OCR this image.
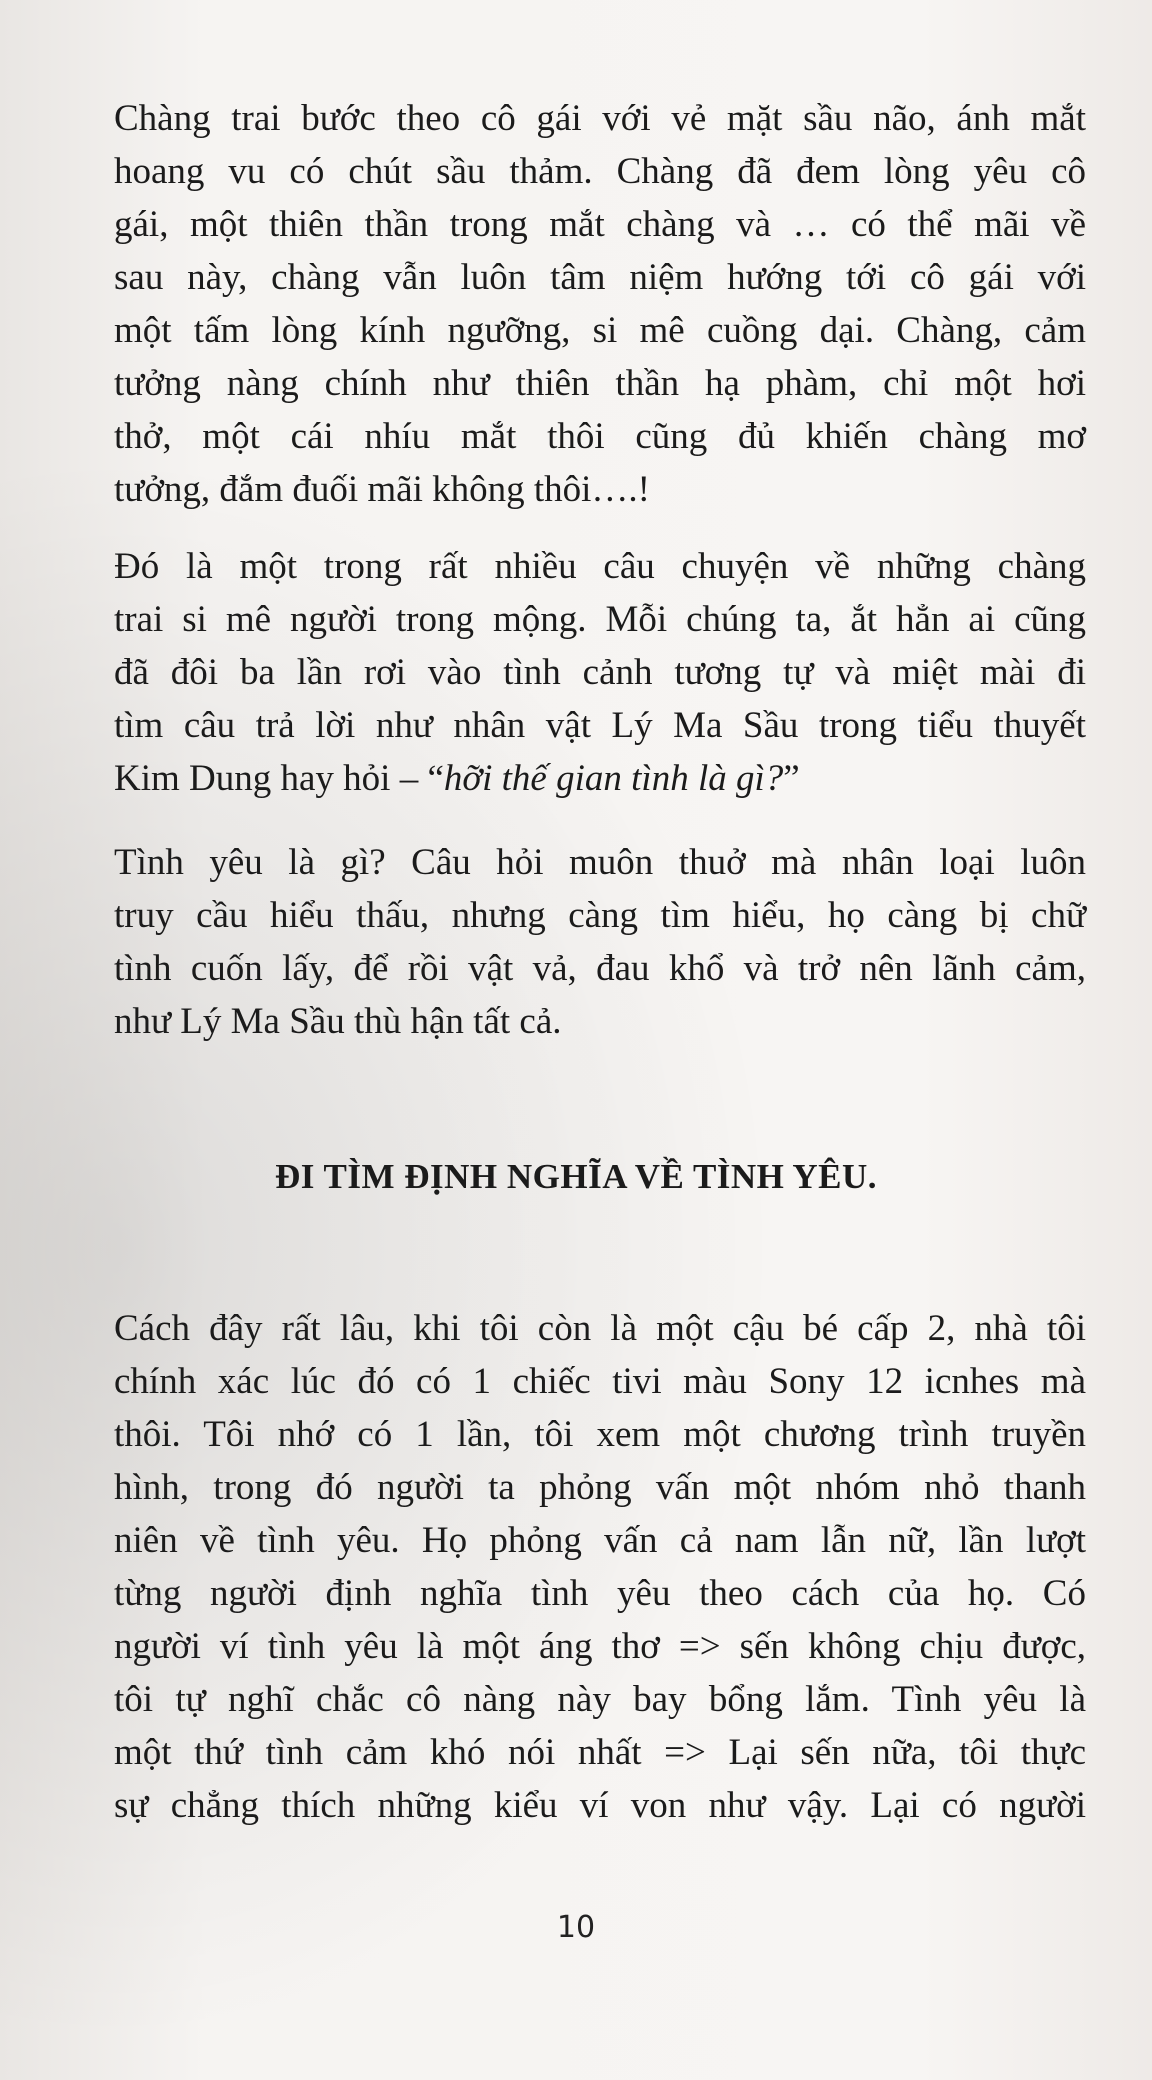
Chàng trai bước theo cô gái với vẻ mặt sầu não, ánh mắt
hoang vu có chút sầu thảm. Chàng đã đem lòng yêu cô
gái, một thiên thần trong mắt chàng và … có thể mãi về
sau này, chàng vẫn luôn tâm niệm hướng tới cô gái với
một tấm lòng kính ngưỡng, si mê cuồng dại. Chàng, cảm
tưởng nàng chính như thiên thần hạ phàm, chỉ một hơi
thở, một cái nhíu mắt thôi cũng đủ khiến chàng mơ
tưởng, đắm đuối mãi không thôi….!

Đó là một trong rất nhiều câu chuyện về những chàng
trai si mê người trong mộng. Mỗi chúng ta, ắt hẳn ai cũng
đã đôi ba lần rơi vào tình cảnh tương tự và miệt mài đi
tìm câu trả lời như nhân vật Lý Ma Sầu trong tiểu thuyết
Kim Dung hay hỏi – “hỡi thế gian tình là gì?”

Tình yêu là gì? Câu hỏi muôn thuở mà nhân loại luôn
truy cầu hiểu thấu, nhưng càng tìm hiểu, họ càng bị chữ
tình cuốn lấy, để rồi vật vả, đau khổ và trở nên lãnh cảm,
như Lý Ma Sầu thù hận tất cả.

ĐI TÌM ĐỊNH NGHĨA VỀ TÌNH YÊU.

Cách đây rất lâu, khi tôi còn là một cậu bé cấp 2, nhà tôi
chính xác lúc đó có 1 chiếc tivi màu Sony 12 icnhes mà
thôi. Tôi nhớ có 1 lần, tôi xem một chương trình truyền
hình, trong đó người ta phỏng vấn một nhóm nhỏ thanh
niên về tình yêu. Họ phỏng vấn cả nam lẫn nữ, lần lượt
từng người định nghĩa tình yêu theo cách của họ. Có
người ví tình yêu là một áng thơ => sến không chịu được,
tôi tự nghĩ chắc cô nàng này bay bổng lắm. Tình yêu là
một thứ tình cảm khó nói nhất => Lại sến nữa, tôi thực
sự chẳng thích những kiểu ví von như vậy. Lại có người

10
